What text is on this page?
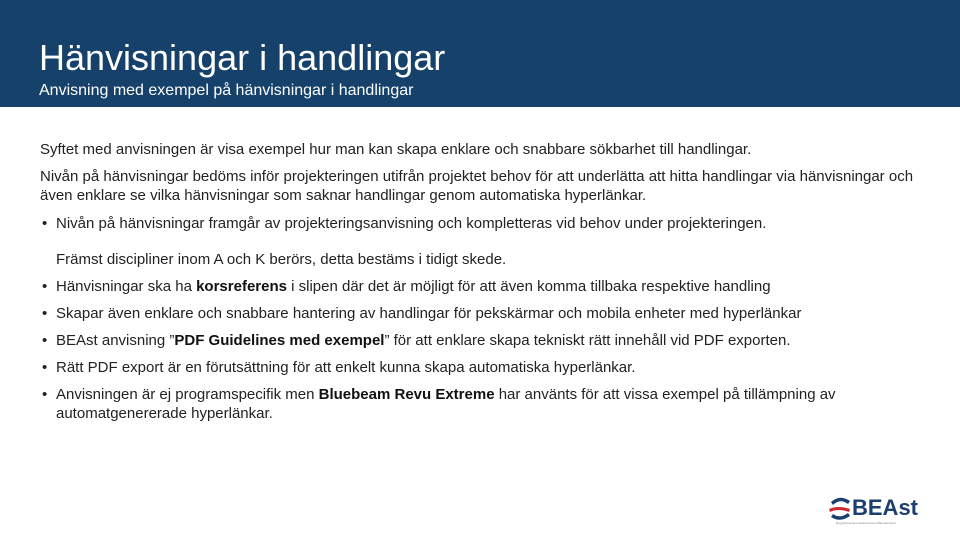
Hänvisningar i handlingar
Anvisning med exempel på hänvisningar i handlingar

Syftet med anvisningen är visa exempel hur man kan skapa enklare och snabbare sökbarhet till handlingar.

Nivån på hänvisningar bedöms inför projekteringen utifrån projektet behov för att underlätta att hitta handlingar via hänvisningar och även enklare se vilka hänvisningar som saknar handlingar genom automatiska hyperlänkar.

• Nivån på hänvisningar framgår av projekteringsanvisning och kompletteras vid behov under projekteringen.

Främst discipliner inom A och K berörs, detta bestäms i tidigt skede.

• Hänvisningar ska ha korsreferens i slipen där det är möjligt för att även komma tillbaka respektive handling
• Skapar även enklare och snabbare hantering av handlingar för pekskärmar och mobila enheter med hyperlänkar
• BEAst anvisning ”PDF Guidelines med exempel” för att enklare skapa tekniskt rätt innehåll vid PDF exporten.
• Rätt PDF export är en förutsättning för att enkelt kunna skapa automatiska hyperlänkar.
• Anvisningen är ej programspecifik men Bluebeam Revu Extreme har använts för att vissa exempel på tillämpning av automatgenererade hyperlänkar.
BEAst
Byggbranschens Elektroniska Affärsstandard
